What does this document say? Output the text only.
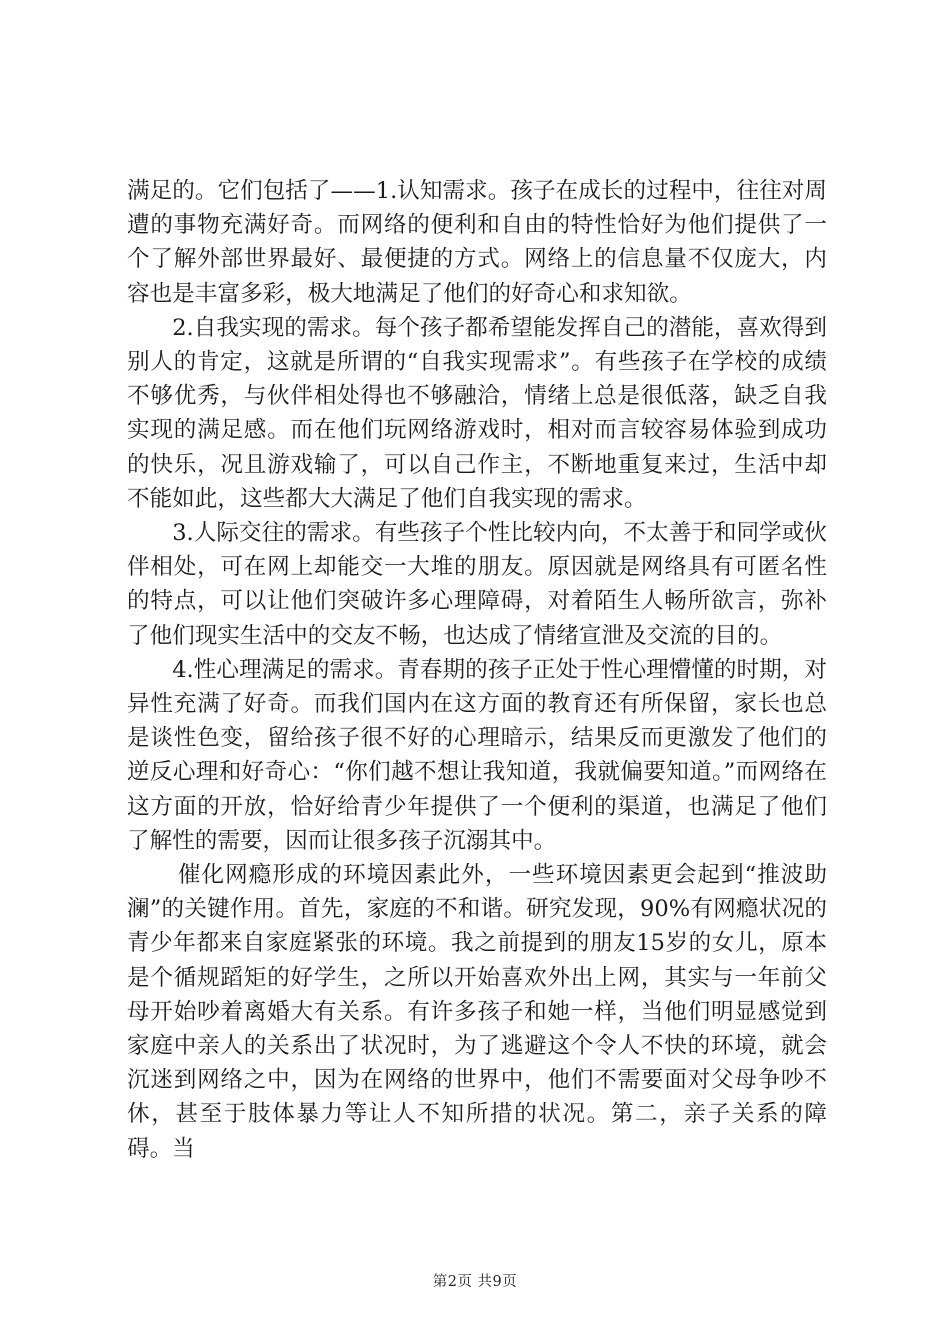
满足的。它们包括了——1.认知需求。孩子在成长的过程中，往往对周遭的事物充满好奇。而网络的便利和自由的特性恰好为他们提供了一个了解外部世界最好、最便捷的方式。网络上的信息量不仅庞大，内容也是丰富多彩，极大地满足了他们的好奇心和求知欲。

2.自我实现的需求。每个孩子都希望能发挥自己的潜能，喜欢得到别人的肯定，这就是所谓的“自我实现需求”。有些孩子在学校的成绩不够优秀，与伙伴相处得也不够融洽，情绪上总是很低落，缺乏自我实现的满足感。而在他们玩网络游戏时，相对而言较容易体验到成功的快乐，况且游戏输了，可以自己作主，不断地重复来过，生活中却不能如此，这些都大大满足了他们自我实现的需求。

3.人际交往的需求。有些孩子个性比较内向，不太善于和同学或伙伴相处，可在网上却能交一大堆的朋友。原因就是网络具有可匿名性的特点，可以让他们突破许多心理障碍，对着陌生人畅所欲言，弥补了他们现实生活中的交友不畅，也达成了情绪宣泄及交流的目的。

4.性心理满足的需求。青春期的孩子正处于性心理懵懂的时期，对异性充满了好奇。而我们国内在这方面的教育还有所保留，家长也总是谈性色变，留给孩子很不好的心理暗示，结果反而更激发了他们的逆反心理和好奇心：“你们越不想让我知道，我就偏要知道。”而网络在这方面的开放，恰好给青少年提供了一个便利的渠道，也满足了他们了解性的需要，因而让很多孩子沉溺其中。

催化网瘾形成的环境因素此外，一些环境因素更会起到“推波助澜”的关键作用。首先，家庭的不和谐。研究发现，90%有网瘾状况的青少年都来自家庭紧张的环境。我之前提到的朋友15岁的女儿，原本是个循规蹈矩的好学生，之所以开始喜欢外出上网，其实与一年前父母开始吵着离婚大有关系。有许多孩子和她一样，当他们明显感觉到家庭中亲人的关系出了状况时，为了逃避这个令人不快的环境，就会沉迷到网络之中，因为在网络的世界中，他们不需要面对父母争吵不休，甚至于肢体暴力等让人不知所措的状况。第二，亲子关系的障碍。当

第2页 共9页
